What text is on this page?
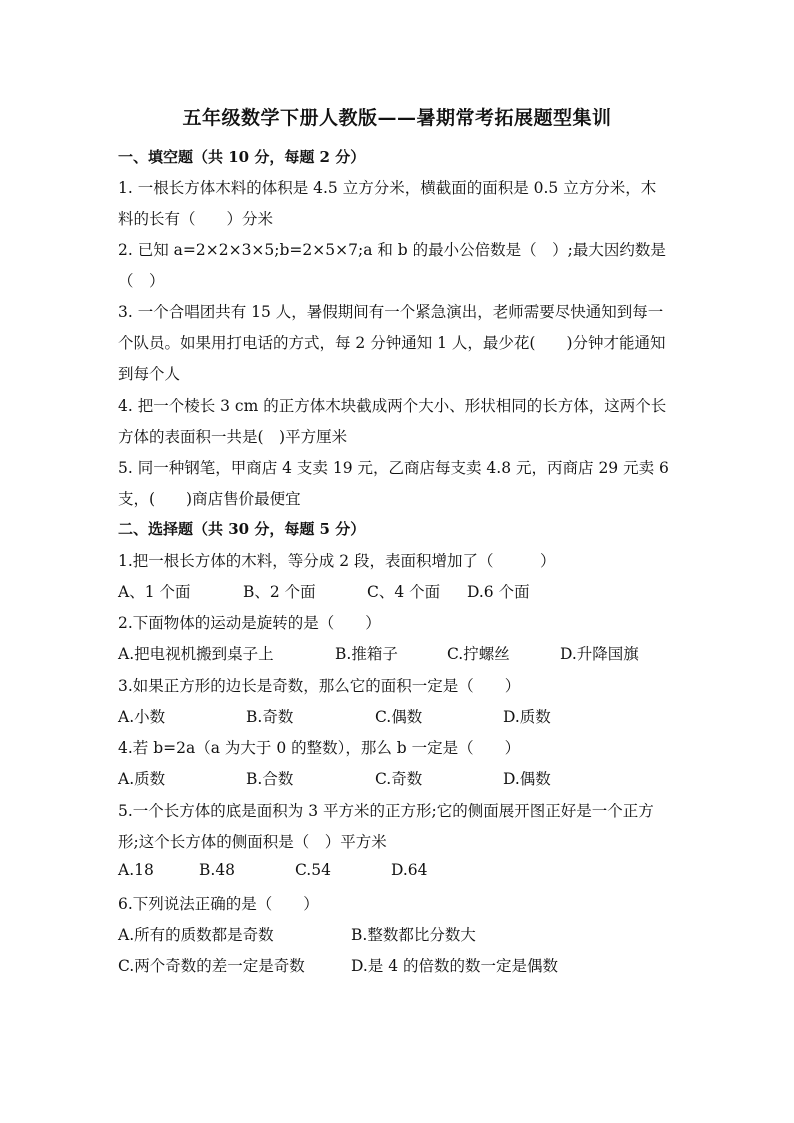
五年级数学下册人教版——暑期常考拓展题型集训
一、填空题（共 10 分，每题 2 分）
1. 一根长方体木料的体积是 4.5 立方分米，横截面的面积是 0.5 立方分米，木
料的长有（　　）分米
2. 已知 a=2×2×3×5;b=2×5×7;a 和 b 的最小公倍数是（　）;最大因约数是
（　）
3. 一个合唱团共有 15 人，暑假期间有一个紧急演出，老师需要尽快通知到每一
个队员。如果用打电话的方式，每 2 分钟通知 1 人，最少花(　　)分钟才能通知
到每个人
4. 把一个棱长 3 cm 的正方体木块截成两个大小、形状相同的长方体，这两个长
方体的表面积一共是(　)平方厘米
5. 同一种钢笔，甲商店 4 支卖 19 元，乙商店每支卖 4.8 元，丙商店 29 元卖 6
支，(　　)商店售价最便宜
二、选择题（共 30 分，每题 5 分）
1.把一根长方体的木料，等分成 2 段，表面积增加了（　　　）
A、1 个面	B、2 个面	C、4 个面 D.6 个面
2.下面物体的运动是旋转的是（　　）
A.把电视机搬到桌子上	B.推箱子	C.拧螺丝	D.升降国旗
3.如果正方形的边长是奇数，那么它的面积一定是（　　）
A.小数	B.奇数	C.偶数	D.质数
4.若 b=2a（a 为大于 0 的整数），那么 b 一定是（　　）
A.质数	B.合数	C.奇数	D.偶数
5.一个长方体的底是面积为 3 平方米的正方形;它的侧面展开图正好是一个正方
形;这个长方体的侧面积是（　）平方米
A.18	B.48	C.54	D.64
6.下列说法正确的是（　　）
A.所有的质数都是奇数	B.整数都比分数大
C.两个奇数的差一定是奇数	D.是 4 的倍数的数一定是偶数
